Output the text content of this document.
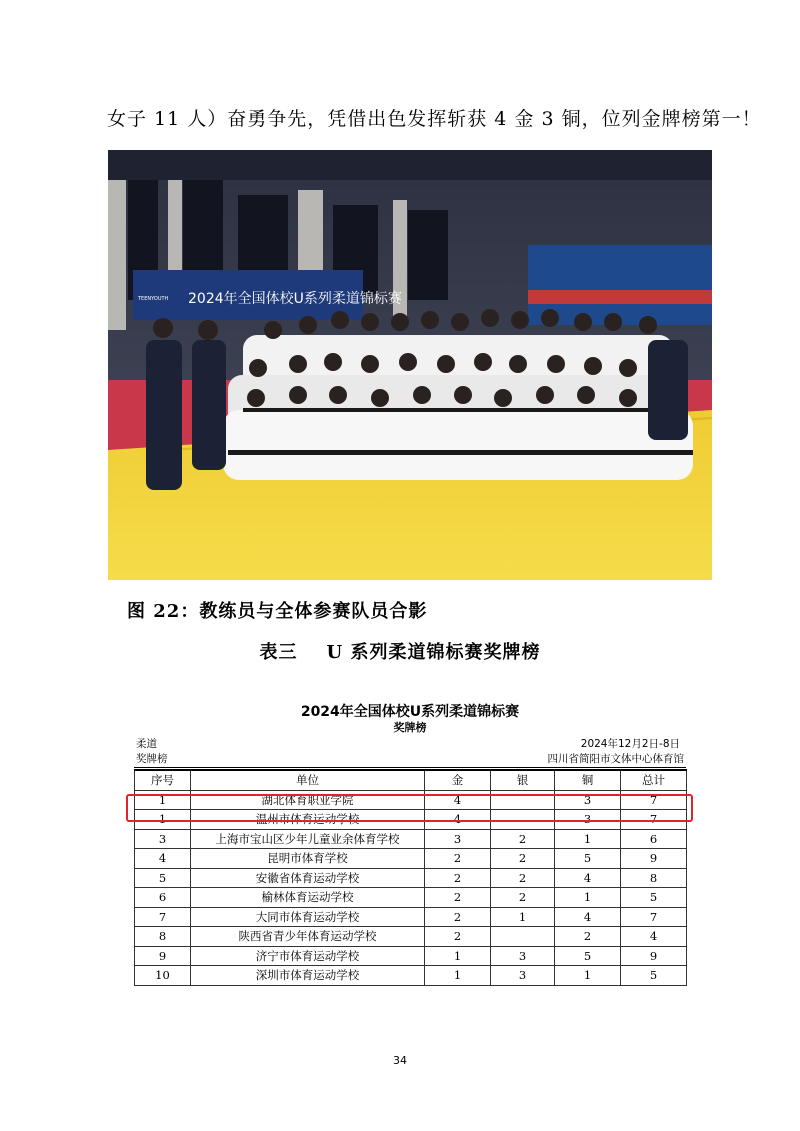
女子 11 人）奋勇争先，凭借出色发挥斩获 4 金 3 铜，位列金牌榜第一！
2024年全国体校U系列柔道锦标赛
TEENYOUTH
图 22：教练员与全体参赛队员合影
表三    U 系列柔道锦标赛奖牌榜
2024年全国体校U系列柔道锦标赛
奖牌榜
柔道
奖牌榜
2024年12月2日-8日
四川省简阳市文体中心体育馆
序号	单位	金	银	铜	总计
1	湖北体育职业学院	4		3	7
1	温州市体育运动学校	4		3	7
3	上海市宝山区少年儿童业余体育学校	3	2	1	6
4	昆明市体育学校	2	2	5	9
5	安徽省体育运动学校	2	2	4	8
6	榆林体育运动学校	2	2	1	5
7	大同市体育运动学校	2	1	4	7
8	陕西省青少年体育运动学校	2		2	4
9	济宁市体育运动学校	1	3	5	9
10	深圳市体育运动学校	1	3	1	5
34
